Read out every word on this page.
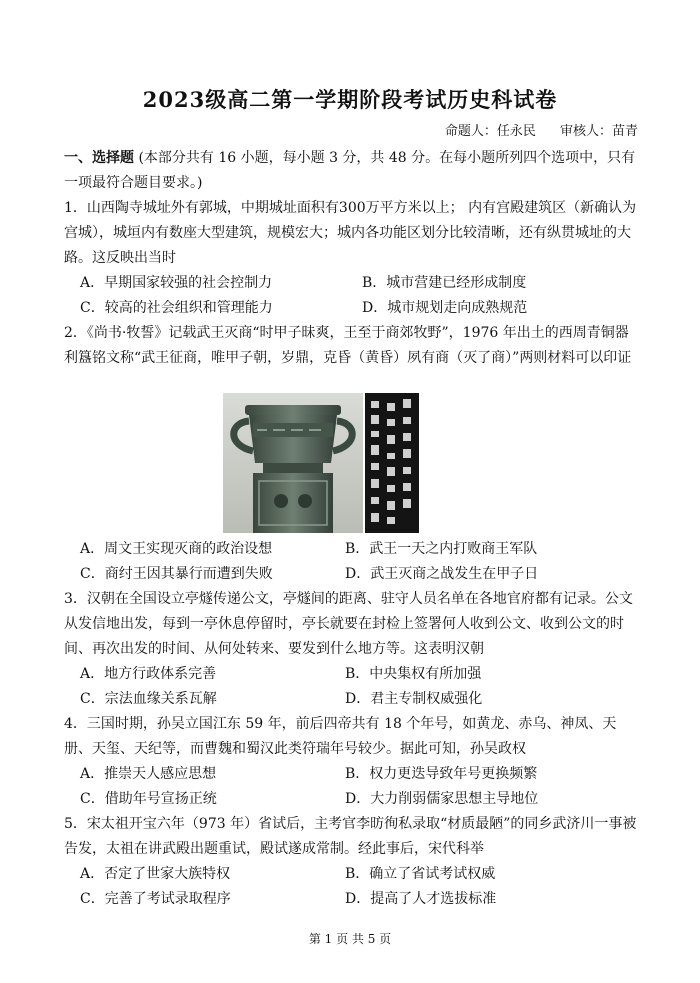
2023级高二第一学期阶段考试历史科试卷
命题人：任永民 审核人：苗青
一、选择题 (本部分共有 16 小题，每小题 3 分，共 48 分。在每小题所列四个选项中，只有一项最符合题目要求。)
1．山西陶寺城址外有郭城，中期城址面积有300万平方米以上； 内有宫殿建筑区（新确认为宫城），城垣内有数座大型建筑，规模宏大；城内各功能区划分比较清晰，还有纵贯城址的大路。这反映出当时
A．早期国家较强的社会控制力	B．城市营建已经形成制度
C．较高的社会组织和管理能力	D．城市规划走向成熟规范
2．《尚书·牧誓》记载武王灭商“时甲子昧爽，王至于商郊牧野”，1976 年出土的西周青铜器利簋铭文称“武王征商，唯甲子朝，岁鼎，克昏（黄昏）夙有商（灭了商）”两则材料可以印证
A．周文王实现灭商的政治设想	B．武王一天之内打败商王军队
C．商纣王因其暴行而遭到失败	D．武王灭商之战发生在甲子日
3．汉朝在全国设立亭燧传递公文，亭燧间的距离、驻守人员名单在各地官府都有记录。公文从发信地出发，每到一亭休息停留时，亭长就要在封检上签署何人收到公文、收到公文的时间、再次出发的时间、从何处转来、要发到什么地方等。这表明汉朝
A．地方行政体系完善	B．中央集权有所加强
C．宗法血缘关系瓦解	D．君主专制权威强化
4．三国时期，孙吴立国江东 59 年，前后四帝共有 18 个年号，如黄龙、赤乌、神凤、天册、天玺、天纪等，而曹魏和蜀汉此类符瑞年号较少。据此可知，孙吴政权
A．推崇天人感应思想	B．权力更迭导致年号更换频繁
C．借助年号宣扬正统	D．大力削弱儒家思想主导地位
5．宋太祖开宝六年（973 年）省试后，主考官李昉徇私录取“材质最陋”的同乡武济川一事被告发，太祖在讲武殿出题重试，殿试遂成常制。经此事后，宋代科举
A．否定了世家大族特权	B．确立了省试考试权威
C．完善了考试录取程序	D．提高了人才选拔标准
第 1 页 共 5 页
